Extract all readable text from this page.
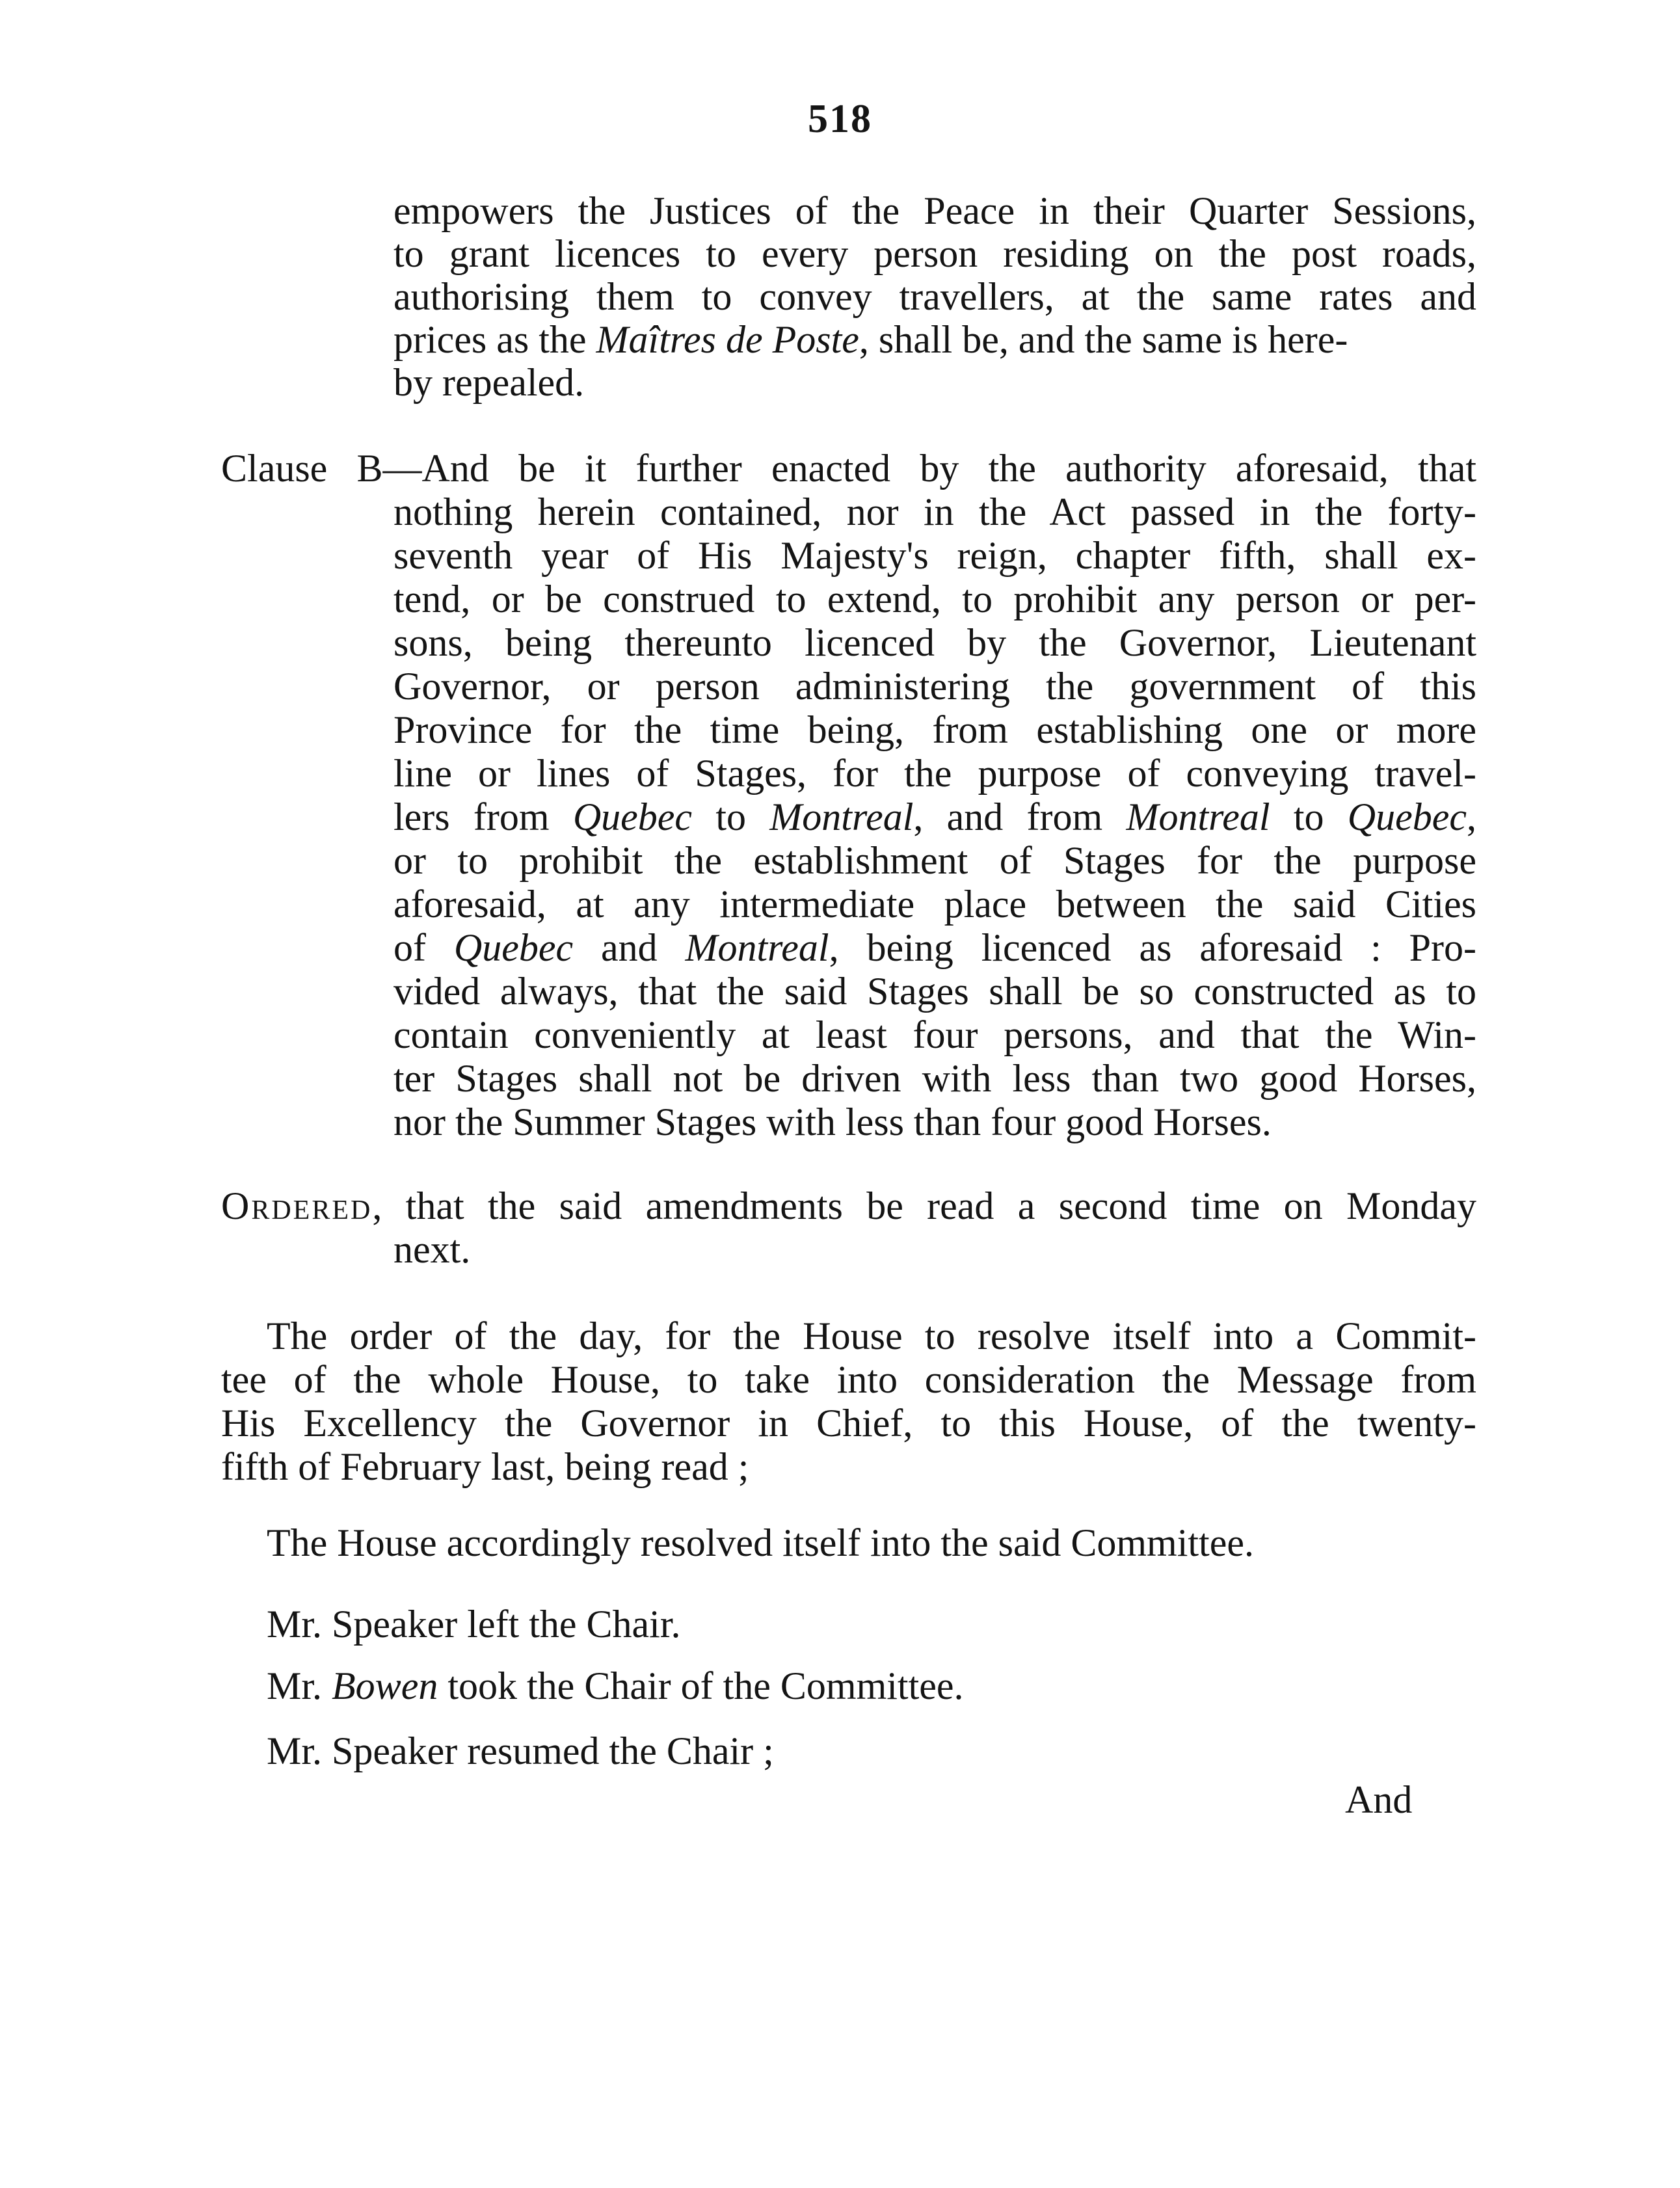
518
empowers the Justices of the Peace in their Quarter Sessions,
to grant licences to every person residing on the post roads,
authorising them to convey travellers, at the same rates and
prices as the Maîtres de Poste, shall be, and the same is here-
by repealed.
Clause B—And be it further enacted by the authority aforesaid, that
nothing herein contained, nor in the Act passed in the forty-
seventh year of His Majesty's reign, chapter fifth, shall ex-
tend, or be construed to extend, to prohibit any person or per-
sons, being thereunto licenced by the Governor, Lieutenant
Governor, or person administering the government of this
Province for the time being, from establishing one or more
line or lines of Stages, for the purpose of conveying travel-
lers from Quebec to Montreal, and from Montreal to Quebec,
or to prohibit the establishment of Stages for the purpose
aforesaid, at any intermediate place between the said Cities
of Quebec and Montreal, being licenced as aforesaid : Pro-
vided always, that the said Stages shall be so constructed as to
contain conveniently at least four persons, and that the Win-
ter Stages shall not be driven with less than two good Horses,
nor the Summer Stages with less than four good Horses.
Ordered, that the said amendments be read a second time on Monday
next.
The order of the day, for the House to resolve itself into a Commit-
tee of the whole House, to take into consideration the Message from
His Excellency the Governor in Chief, to this House, of the twenty-
fifth of February last, being read ;
The House accordingly resolved itself into the said Committee.
Mr. Speaker left the Chair.
Mr. Bowen took the Chair of the Committee.
Mr. Speaker resumed the Chair ;
And
